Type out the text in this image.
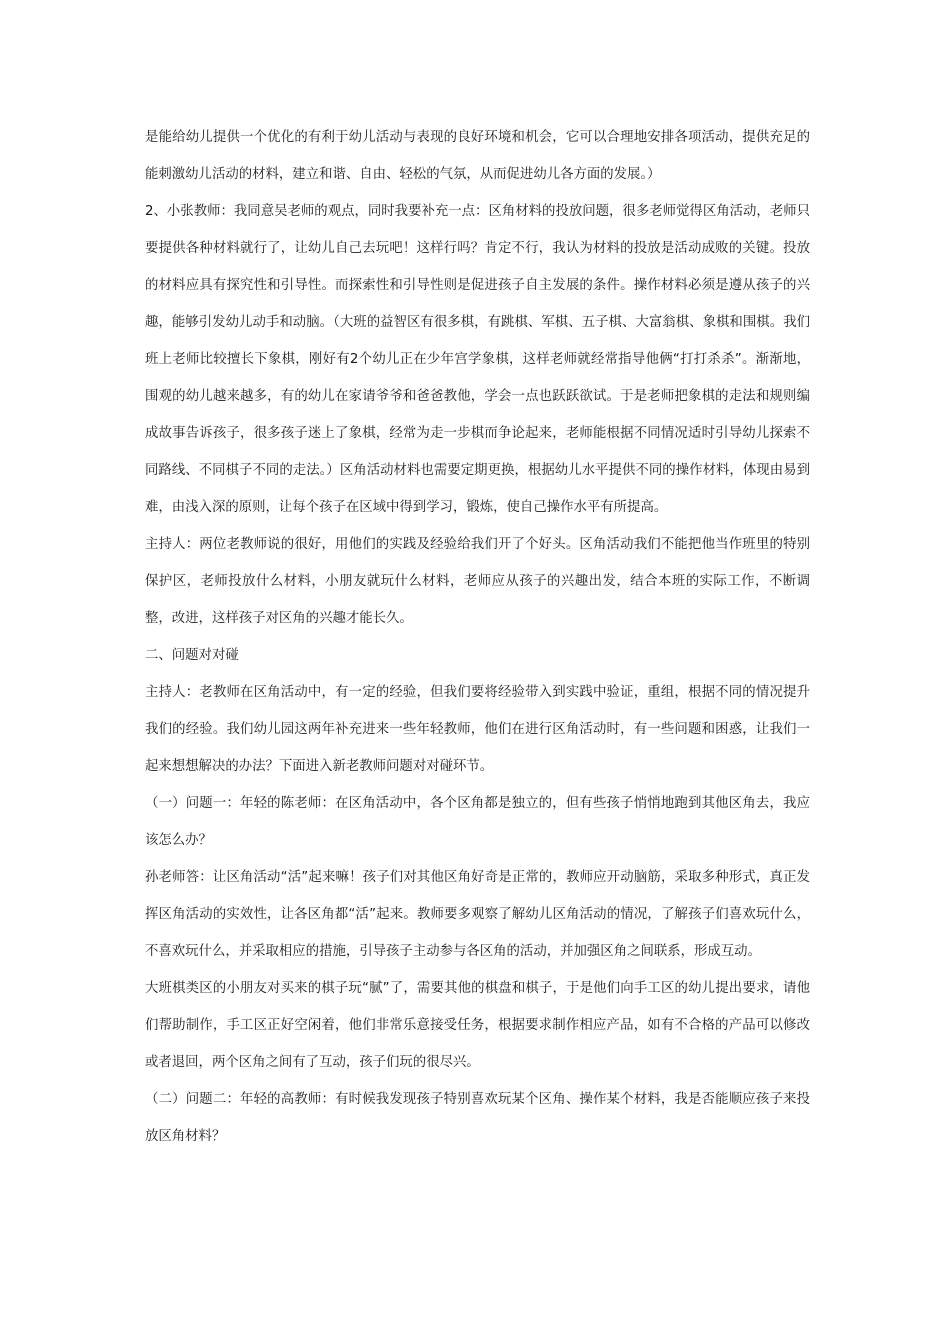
是能给幼儿提供一个优化的有利于幼儿活动与表现的良好环境和机会，它可以合理地安排各项活动，提供充足的能刺激幼儿活动的材料，建立和谐、自由、轻松的气氛，从而促进幼儿各方面的发展。）

2、小张教师：我同意吴老师的观点，同时我要补充一点：区角材料的投放问题，很多老师觉得区角活动，老师只要提供各种材料就行了，让幼儿自己去玩吧！这样行吗？肯定不行，我认为材料的投放是活动成败的关键。投放的材料应具有探究性和引导性。而探索性和引导性则是促进孩子自主发展的条件。操作材料必须是遵从孩子的兴趣，能够引发幼儿动手和动脑。（大班的益智区有很多棋，有跳棋、军棋、五子棋、大富翁棋、象棋和围棋。我们班上老师比较擅长下象棋，刚好有2个幼儿正在少年宫学象棋，这样老师就经常指导他俩“打打杀杀”。渐渐地，围观的幼儿越来越多，有的幼儿在家请爷爷和爸爸教他，学会一点也跃跃欲试。于是老师把象棋的走法和规则编成故事告诉孩子，很多孩子迷上了象棋，经常为走一步棋而争论起来，老师能根据不同情况适时引导幼儿探索不同路线、不同棋子不同的走法。）区角活动材料也需要定期更换，根据幼儿水平提供不同的操作材料，体现由易到难，由浅入深的原则，让每个孩子在区域中得到学习，锻炼，使自己操作水平有所提高。

主持人：两位老教师说的很好，用他们的实践及经验给我们开了个好头。区角活动我们不能把他当作班里的特别保护区，老师投放什么材料，小朋友就玩什么材料，老师应从孩子的兴趣出发，结合本班的实际工作，不断调整，改进，这样孩子对区角的兴趣才能长久。

二、问题对对碰

主持人：老教师在区角活动中，有一定的经验，但我们要将经验带入到实践中验证，重组，根据不同的情况提升我们的经验。我们幼儿园这两年补充进来一些年轻教师，他们在进行区角活动时，有一些问题和困惑，让我们一起来想想解决的办法？下面进入新老教师问题对对碰环节。

（一）问题一：年轻的陈老师：在区角活动中，各个区角都是独立的，但有些孩子悄悄地跑到其他区角去，我应该怎么办？

孙老师答：让区角活动“活”起来嘛！孩子们对其他区角好奇是正常的，教师应开动脑筋，采取多种形式，真正发挥区角活动的实效性，让各区角都“活”起来。教师要多观察了解幼儿区角活动的情况，了解孩子们喜欢玩什么，不喜欢玩什么，并采取相应的措施，引导孩子主动参与各区角的活动，并加强区角之间联系，形成互动。

大班棋类区的小朋友对买来的棋子玩“腻”了，需要其他的棋盘和棋子，于是他们向手工区的幼儿提出要求，请他们帮助制作，手工区正好空闲着，他们非常乐意接受任务，根据要求制作相应产品，如有不合格的产品可以修改或者退回，两个区角之间有了互动，孩子们玩的很尽兴。

（二）问题二：年轻的高教师：有时候我发现孩子特别喜欢玩某个区角、操作某个材料，我是否能顺应孩子来投放区角材料？
